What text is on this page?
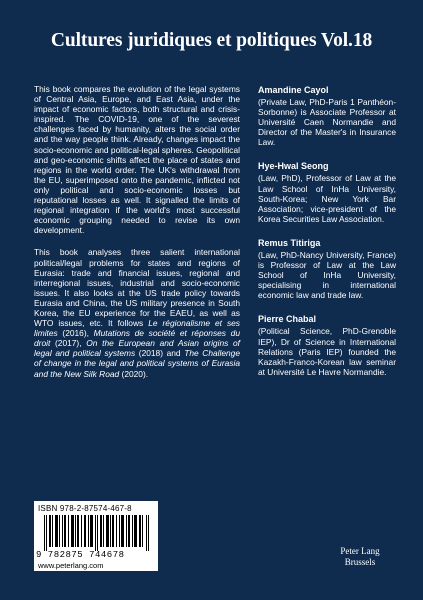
Cultures juridiques et politiques Vol.18

This book compares the evolution of the legal systems of Central Asia, Europe, and East Asia, under the impact of economic factors, both structural and crisis-inspired. The COVID-19, one of the severest challenges faced by humanity, alters the social order and the way people think. Already, changes impact the socio-economic and political-legal spheres. Geopolitical and geo-economic shifts affect the place of states and regions in the world order. The UK's withdrawal from the EU, superimposed onto the pandemic, inflicted not only political and socio-economic losses but reputational losses as well. It signalled the limits of regional integration if the world's most successful economic grouping needed to revise its own development.

This book analyses three salient international political/legal problems for states and regions of Eurasia: trade and financial issues, regional and interregional issues, industrial and socio-economic issues. It also looks at the US trade policy towards Eurasia and China, the US military presence in South Korea, the EU experience for the EAEU, as well as WTO issues, etc. It follows Le régionalisme et ses limites (2016), Mutations de société et réponses du droit (2017), On the European and Asian origins of legal and political systems (2018) and The Challenge of change in the legal and political systems of Eurasia and the New Silk Road (2020).

Amandine Cayol
(Private Law, PhD-Paris 1 Panthéon-Sorbonne) is Associate Professor at Université Caen Normandie and Director of the Master's in Insurance Law.
Hye-Hwal Seong
(Law, PhD), Professor of Law at the Law School of InHa University, South-Korea; New York Bar Association; vice-president of the Korea Securities Law Association.
Remus Titiriga
(Law, PhD-Nancy University, France) is Professor of Law at the Law School of InHa University, specialising in international economic law and trade law.
Pierre Chabal
(Political Science, PhD-Grenoble IEP), Dr of Science in International Relations (Paris IEP) founded the Kazakh-Franco-Korean law seminar at Université Le Havre Normandie.
ISBN 978-2-87574-467-8
9 782875 744678
www.peterlang.com
Peter Lang
Brussels
